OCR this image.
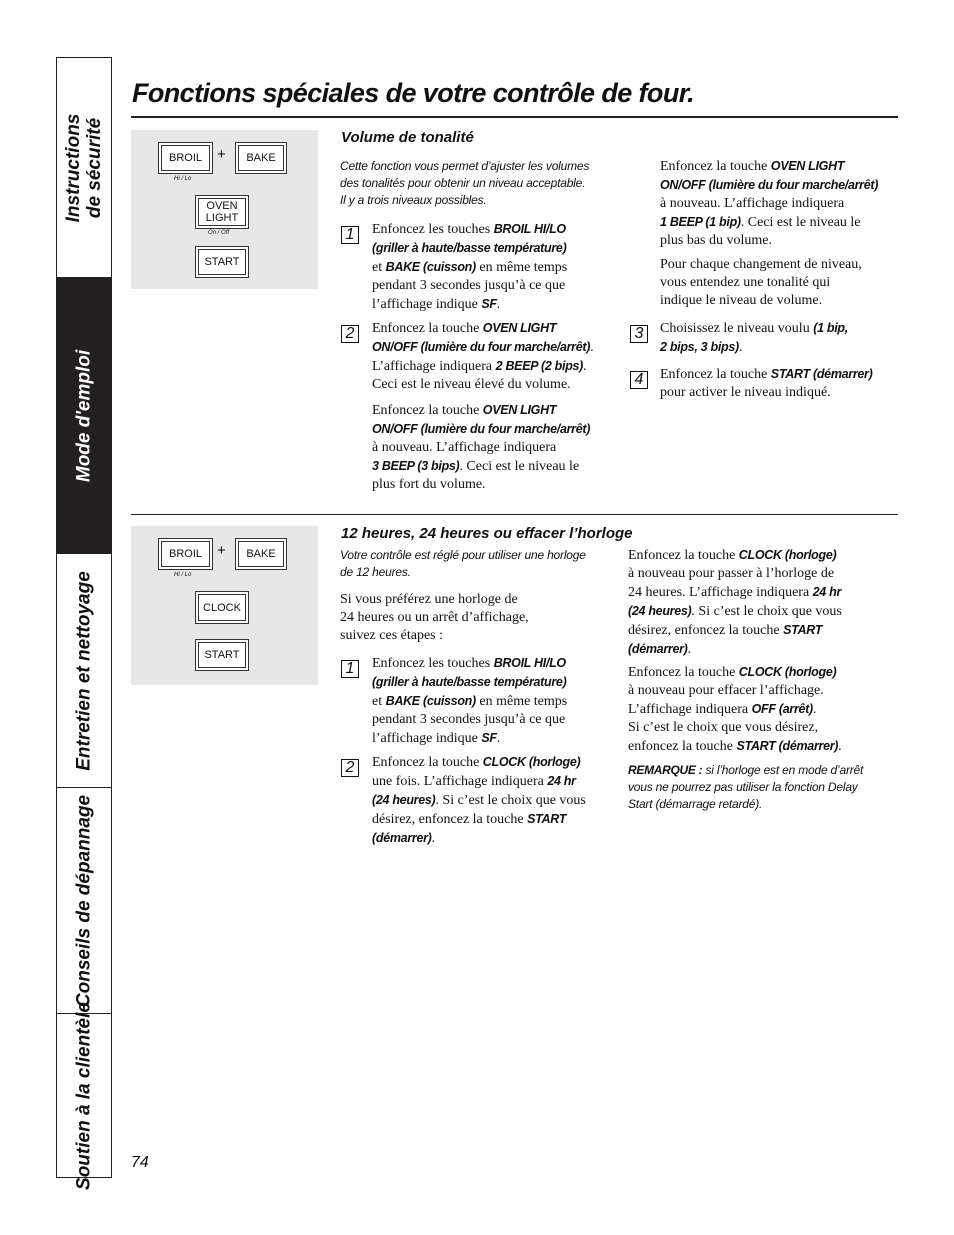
Instructions
de sécurité
Mode d'emploi
Entretien et nettoyage
Conseils de dépannage
Soutien à la clientèle
Fonctions spéciales de votre contrôle de four.
BROIL
Hi / Lo
+ BAKE
OVEN
LIGHT
On / Off
START
Volume de tonalité
Cette fonction vous permet d’ajuster les volumes
des tonalités pour obtenir un niveau acceptable.
Il y a trois niveaux possibles.
1	Enfoncez les touches BROIL HI/LO
(griller à haute/basse température)
et BAKE (cuisson) en même temps
pendant 3 secondes jusqu’à ce que
l’affichage indique SF.
2	Enfoncez la touche OVEN LIGHT
ON/OFF (lumière du four marche/arrêt).
L’affichage indiquera 2 BEEP (2 bips).
Ceci est le niveau élevé du volume.
Enfoncez la touche OVEN LIGHT
ON/OFF (lumière du four marche/arrêt)
à nouveau. L’affichage indiquera
3 BEEP (3 bips). Ceci est le niveau le
plus fort du volume.
Enfoncez la touche OVEN LIGHT
ON/OFF (lumière du four marche/arrêt)
à nouveau. L’affichage indiquera
1 BEEP (1 bip). Ceci est le niveau le
plus bas du volume.
Pour chaque changement de niveau,
vous entendez une tonalité qui
indique le niveau de volume.
3	Choisissez le niveau voulu (1 bip,
2 bips, 3 bips).
4	Enfoncez la touche START (démarrer)
pour activer le niveau indiqué.
BROIL
Hi / Lo
+ BAKE
CLOCK
START
12 heures, 24 heures ou effacer l’horloge
Votre contrôle est réglé pour utiliser une horloge
de 12 heures.
Si vous préférez une horloge de
24 heures ou un arrêt d’affichage,
suivez ces étapes :
1	Enfoncez les touches BROIL HI/LO
(griller à haute/basse température)
et BAKE (cuisson) en même temps
pendant 3 secondes jusqu’à ce que
l’affichage indique SF.
2	Enfoncez la touche CLOCK (horloge)
une fois. L’affichage indiquera 24 hr
(24 heures). Si c’est le choix que vous
désirez, enfoncez la touche START
(démarrer).
Enfoncez la touche CLOCK (horloge)
à nouveau pour passer à l’horloge de
24 heures. L’affichage indiquera 24 hr
(24 heures). Si c’est le choix que vous
désirez, enfoncez la touche START
(démarrer).
Enfoncez la touche CLOCK (horloge)
à nouveau pour effacer l’affichage.
L’affichage indiquera OFF (arrêt).
Si c’est le choix que vous désirez,
enfoncez la touche START (démarrer).
REMARQUE : si l’horloge est en mode d’arrêt
vous ne pourrez pas utiliser la fonction Delay
Start (démarrage retardé).
74
